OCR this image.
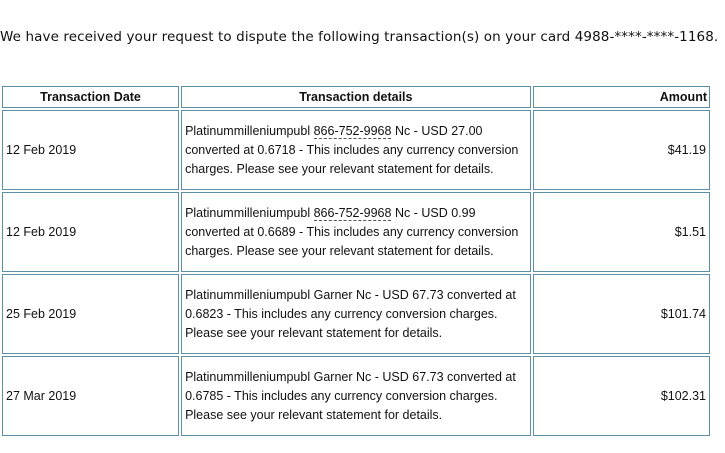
We have received your request to dispute the following transaction(s) on your card 4988-****-****-1168.
Transaction Date	Transaction details	Amount
12 Feb 2019	Platinummilleniumpubl 866-752-9968 Nc - USD 27.00 converted at 0.6718 - This includes any currency conversion charges. Please see your relevant statement for details.	$41.19
12 Feb 2019	Platinummilleniumpubl 866-752-9968 Nc - USD 0.99 converted at 0.6689 - This includes any currency conversion charges. Please see your relevant statement for details.	$1.51
25 Feb 2019	Platinummilleniumpubl Garner Nc - USD 67.73 converted at 0.6823 - This includes any currency conversion charges. Please see your relevant statement for details.	$101.74
27 Mar 2019	Platinummilleniumpubl Garner Nc - USD 67.73 converted at 0.6785 - This includes any currency conversion charges. Please see your relevant statement for details.	$102.31
